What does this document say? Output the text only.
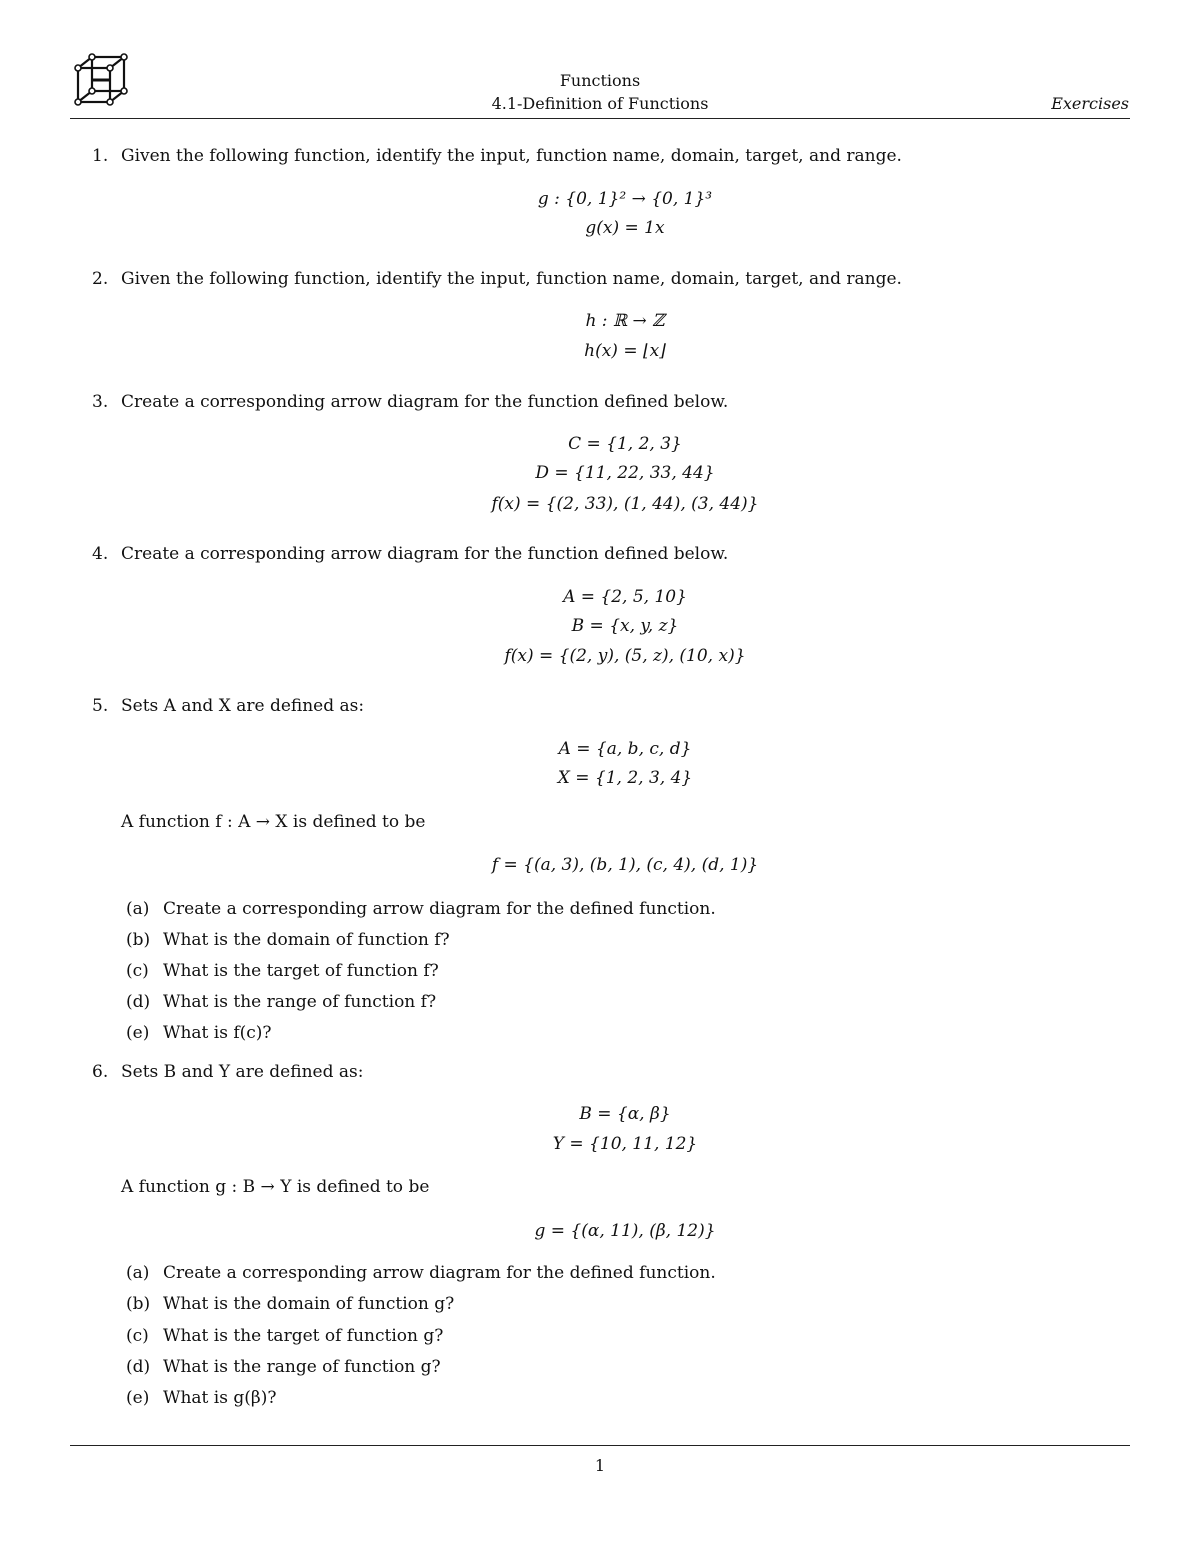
Functions
4.1-Definition of Functions	Exercises
1. Given the following function, identify the input, function name, domain, target, and range.
g : {0, 1}² → {0, 1}³
g(x) = 1x
2. Given the following function, identify the input, function name, domain, target, and range.
h : ℝ → ℤ
h(x) = ⌊x⌋
3. Create a corresponding arrow diagram for the function defined below.
C = {1, 2, 3}
D = {11, 22, 33, 44}
f(x) = {(2, 33), (1, 44), (3, 44)}
4. Create a corresponding arrow diagram for the function defined below.
A = {2, 5, 10}
B = {x, y, z}
f(x) = {(2, y), (5, z), (10, x)}
5. Sets A and X are defined as:
A = {a, b, c, d}
X = {1, 2, 3, 4}
A function f : A → X is defined to be
f = {(a, 3), (b, 1), (c, 4), (d, 1)}
(a) Create a corresponding arrow diagram for the defined function.
(b) What is the domain of function f?
(c) What is the target of function f?
(d) What is the range of function f?
(e) What is f(c)?
6. Sets B and Y are defined as:
B = {α, β}
Y = {10, 11, 12}
A function g : B → Y is defined to be
g = {(α, 11), (β, 12)}
(a) Create a corresponding arrow diagram for the defined function.
(b) What is the domain of function g?
(c) What is the target of function g?
(d) What is the range of function g?
(e) What is g(β)?
1
